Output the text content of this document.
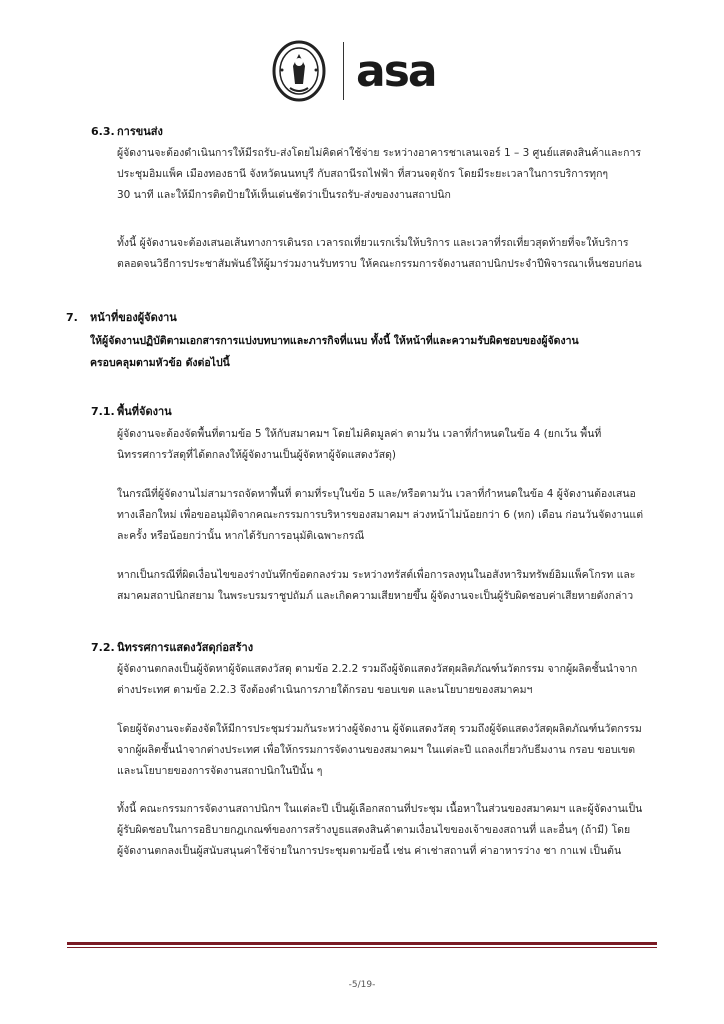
asa
6.3. การขนส่ง

ผู้จัดงานจะต้องดำเนินการให้มีรถรับ-ส่งโดยไม่คิดค่าใช้จ่าย ระหว่างอาคารชาเลนเจอร์ 1 – 3 ศูนย์แสดงสินค้าและการ

ประชุมอิมแพ็ค เมืองทองธานี จังหวัดนนทบุรี กับสถานีรถไฟฟ้า ที่สวนจตุจักร โดยมีระยะเวลาในการบริการทุกๆ

30 นาที และให้มีการติดป้ายให้เห็นเด่นชัดว่าเป็นรถรับ-ส่งของงานสถาปนิก

ทั้งนี้ ผู้จัดงานจะต้องเสนอเส้นทางการเดินรถ เวลารถเที่ยวแรกเริ่มให้บริการ และเวลาที่รถเที่ยวสุดท้ายที่จะให้บริการ

ตลอดจนวิธีการประชาสัมพันธ์ให้ผู้มาร่วมงานรับทราบ ให้คณะกรรมการจัดงานสถาปนิกประจำปีพิจารณาเห็นชอบก่อน

7. หน้าที่ของผู้จัดงาน

ให้ผู้จัดงานปฏิบัติตามเอกสารการแบ่งบทบาทและภารกิจที่แนบ ทั้งนี้ ให้หน้าที่และความรับผิดชอบของผู้จัดงาน

ครอบคลุมตามหัวข้อ ดังต่อไปนี้

7.1. พื้นที่จัดงาน

ผู้จัดงานจะต้องจัดพื้นที่ตามข้อ 5 ให้กับสมาคมฯ โดยไม่คิดมูลค่า ตามวัน เวลาที่กำหนดในข้อ 4 (ยกเว้น พื้นที่

นิทรรศการวัสดุที่ได้ตกลงให้ผู้จัดงานเป็นผู้จัดหาผู้จัดแสดงวัสดุ)

ในกรณีที่ผู้จัดงานไม่สามารถจัดหาพื้นที่ ตามที่ระบุในข้อ 5 และ/หรือตามวัน เวลาที่กำหนดในข้อ 4 ผู้จัดงานต้องเสนอ

ทางเลือกใหม่ เพื่อขออนุมัติจากคณะกรรมการบริหารของสมาคมฯ ล่วงหน้าไม่น้อยกว่า 6 (หก) เดือน ก่อนวันจัดงานแต่

ละครั้ง หรือน้อยกว่านั้น หากได้รับการอนุมัติเฉพาะกรณี

หากเป็นกรณีที่ผิดเงื่อนไขของร่างบันทึกข้อตกลงร่วม ระหว่างทรัสต์เพื่อการลงทุนในอสังหาริมทรัพย์อิมแพ็คโกรท และ

สมาคมสถาปนิกสยาม ในพระบรมราชูปถัมภ์ และเกิดความเสียหายขึ้น ผู้จัดงานจะเป็นผู้รับผิดชอบค่าเสียหายดังกล่าว

7.2. นิทรรศการแสดงวัสดุก่อสร้าง

ผู้จัดงานตกลงเป็นผู้จัดหาผู้จัดแสดงวัสดุ ตามข้อ 2.2.2 รวมถึงผู้จัดแสดงวัสดุผลิตภัณฑ์นวัตกรรม จากผู้ผลิตชั้นนำจาก

ต่างประเทศ ตามข้อ 2.2.3 จึงต้องดำเนินการภายใต้กรอบ ขอบเขต และนโยบายของสมาคมฯ

โดยผู้จัดงานจะต้องจัดให้มีการประชุมร่วมกันระหว่างผู้จัดงาน ผู้จัดแสดงวัสดุ รวมถึงผู้จัดแสดงวัสดุผลิตภัณฑ์นวัตกรรม

จากผู้ผลิตชั้นนำจากต่างประเทศ เพื่อให้กรรมการจัดงานของสมาคมฯ ในแต่ละปี แถลงเกี่ยวกับธีมงาน กรอบ ขอบเขต

และนโยบายของการจัดงานสถาปนิกในปีนั้น ๆ

ทั้งนี้ คณะกรรมการจัดงานสถาปนิกฯ ในแต่ละปี เป็นผู้เลือกสถานที่ประชุม เนื้อหาในส่วนของสมาคมฯ และผู้จัดงานเป็น

ผู้รับผิดชอบในการอธิบายกฎเกณฑ์ของการสร้างบูธแสดงสินค้าตามเงื่อนไขของเจ้าของสถานที่ และอื่นๆ (ถ้ามี) โดย

ผู้จัดงานตกลงเป็นผู้สนับสนุนค่าใช้จ่ายในการประชุมตามข้อนี้ เช่น ค่าเช่าสถานที่ ค่าอาหารว่าง ชา กาแฟ เป็นต้น

-5/19-
